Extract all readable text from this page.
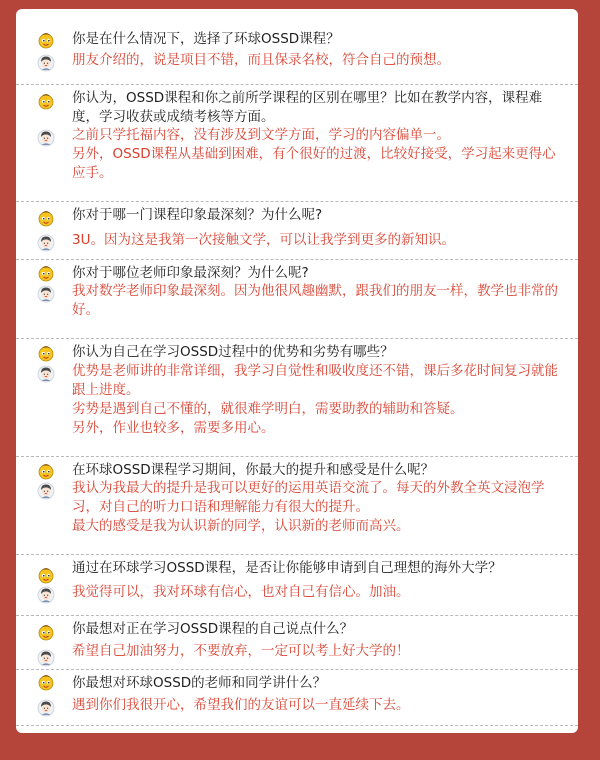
你是在什么情况下，选择了环球OSSD课程？
朋友介绍的，说是项目不错，而且保录名校，符合自己的预想。
你认为，OSSD课程和你之前所学课程的区别在哪里？比如在教学内容，课程难度，学习收获或成绩考核等方面。
之前只学托福内容，没有涉及到文学方面，学习的内容偏单一。
另外，OSSD课程从基础到困难，有个很好的过渡，比较好接受，学习起来更得心应手。
你对于哪一门课程印象最深刻？为什么呢?
3U。因为这是我第一次接触文学，可以让我学到更多的新知识。
你对于哪位老师印象最深刻？为什么呢?
我对数学老师印象最深刻。因为他很风趣幽默，跟我们的朋友一样，教学也非常的好。
你认为自己在学习OSSD过程中的优势和劣势有哪些？
优势是老师讲的非常详细，我学习自觉性和吸收度还不错，课后多花时间复习就能跟上进度。
劣势是遇到自己不懂的，就很难学明白，需要助教的辅助和答疑。
另外，作业也较多，需要多用心。
在环球OSSD课程学习期间，你最大的提升和感受是什么呢？
我认为我最大的提升是我可以更好的运用英语交流了。每天的外教全英文浸泡学习，对自己的听力口语和理解能力有很大的提升。
最大的感受是我为认识新的同学，认识新的老师而高兴。
通过在环球学习OSSD课程，是否让你能够申请到自己理想的海外大学？
我觉得可以，我对环球有信心，也对自己有信心。加油。
你最想对正在学习OSSD课程的自己说点什么？
希望自己加油努力，不要放弃，一定可以考上好大学的！
你最想对环球OSSD的老师和同学讲什么？
遇到你们我很开心，希望我们的友谊可以一直延续下去。
